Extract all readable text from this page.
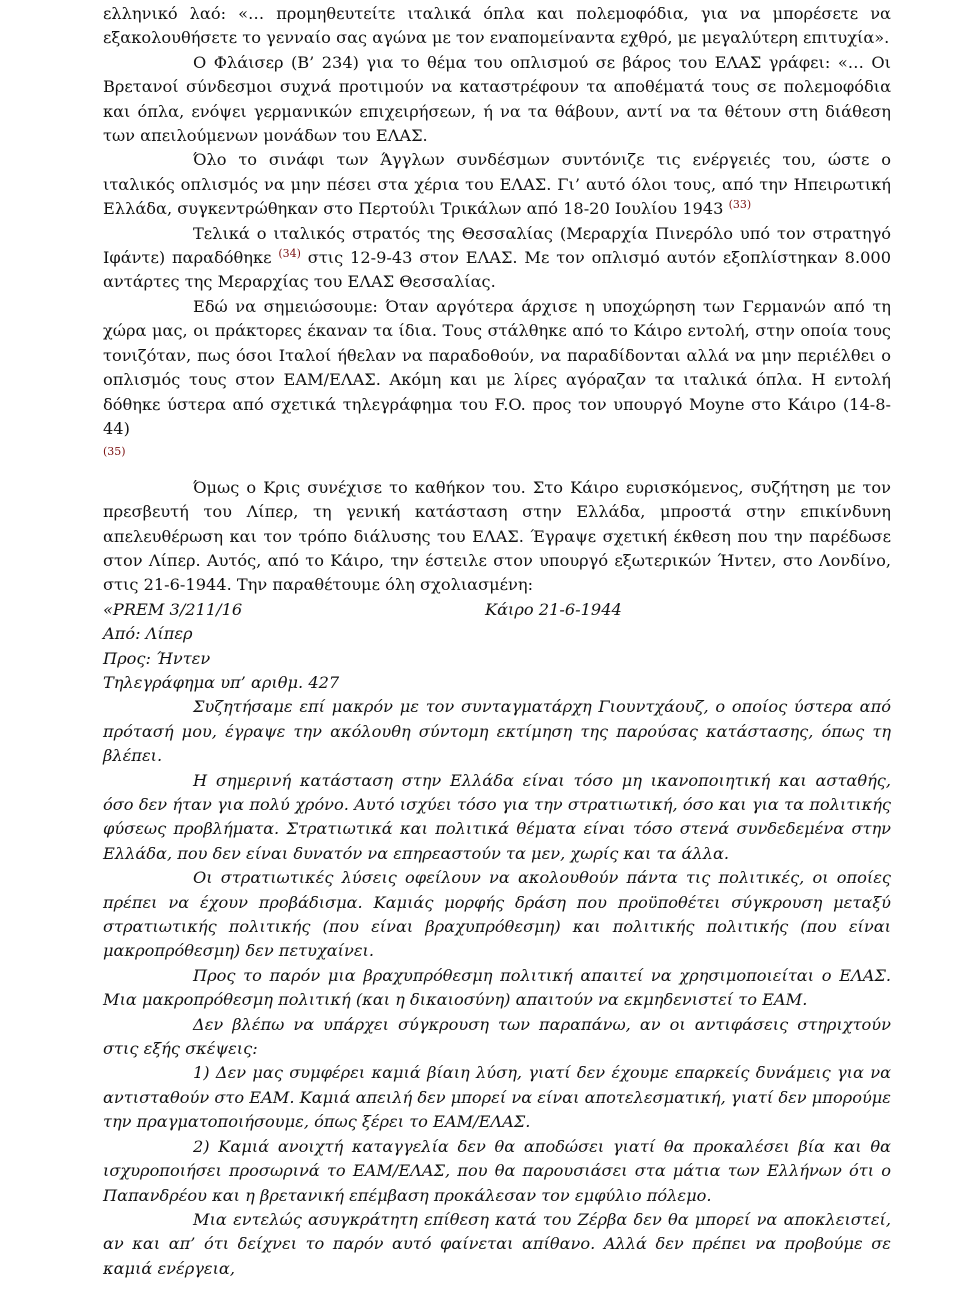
ελληνικό λαό: «… προμηθευτείτε ιταλικά όπλα και πολεμοφόδια, για να μπορέσετε να εξακολουθήσετε το γενναίο σας αγώνα με τον εναπομείναντα εχθρό, με μεγαλύτερη επιτυχία».

Ο Φλάισερ (Β’ 234) για το θέμα του οπλισμού σε βάρος του ΕΛΑΣ γράφει: «… Οι Βρετανοί σύνδεσμοι συχνά προτιμούν να καταστρέφουν τα αποθέματά τους σε πολεμοφόδια και όπλα, ενόψει γερμανικών επιχειρήσεων, ή να τα θάβουν, αντί να τα θέτουν στη διάθεση των απειλούμενων μονάδων του ΕΛΑΣ.

Όλο το σινάφι των Άγγλων συνδέσμων συντόνιζε τις ενέργειές του, ώστε ο ιταλικός οπλισμός να μην πέσει στα χέρια του ΕΛΑΣ. Γι’ αυτό όλοι τους, από την Ηπειρωτική Ελλάδα, συγκεντρώθηκαν στο Περτούλι Τρικάλων από 18-20 Ιουλίου 1943 $^{(33)}$

Τελικά ο ιταλικός στρατός της Θεσσαλίας (Μεραρχία Πινερόλο υπό τον στρατηγό Ιφάντε) παραδόθηκε $^{(34)}$ στις 12-9-43 στον ΕΛΑΣ. Με τον οπλισμό αυτόν εξοπλίστηκαν 8.000 αντάρτες της Μεραρχίας του ΕΛΑΣ Θεσσαλίας.

Εδώ να σημειώσουμε: Όταν αργότερα άρχισε η υποχώρηση των Γερμανών από τη χώρα μας, οι πράκτορες έκαναν τα ίδια. Τους στάλθηκε από το Κάιρο εντολή, στην οποία τους τονιζόταν, πως όσοι Ιταλοί ήθελαν να παραδοθούν, να παραδίδονται αλλά να μην περιέλθει ο οπλισμός τους στον ΕΑΜ/ΕΛΑΣ. Ακόμη και με λίρες αγόραζαν τα ιταλικά όπλα. Η εντολή δόθηκε ύστερα από σχετικά τηλεγράφημα του F.O. προς τον υπουργό Moyne στο Κάιρο (14-8-44)
(35)

Όμως ο Κρις συνέχισε το καθήκον του. Στο Κάιρο ευρισκόμενος, συζήτηση με τον πρεσβευτή του Λίπερ, τη γενική κατάσταση στην Ελλάδα, μπροστά στην επικίνδυνη απελευθέρωση και τον τρόπο διάλυσης του ΕΛΑΣ. Έγραψε σχετική έκθεση που την παρέδωσε στον Λίπερ. Αυτός, από το Κάιρο, την έστειλε στον υπουργό εξωτερικών Ήντεν, στο Λονδίνο, στις 21-6-1944. Την παραθέτουμε όλη σχολιασμένη:

«PREM 3/211/16	Κάιρο 21-6-1944

Από: Λίπερ

Προς: Ήντεν

Τηλεγράφημα υπ’ αριθμ. 427

Συζητήσαμε επί μακρόν με τον συνταγματάρχη Γιουντχάουζ, ο οποίος ύστερα από πρότασή μου, έγραψε την ακόλουθη σύντομη εκτίμηση της παρούσας κατάστασης, όπως τη βλέπει.

Η σημερινή κατάσταση στην Ελλάδα είναι τόσο μη ικανοποιητική και ασταθής, όσο δεν ήταν για πολύ χρόνο. Αυτό ισχύει τόσο για την στρατιωτική, όσο και για τα πολιτικής φύσεως προβλήματα. Στρατιωτικά και πολιτικά θέματα είναι τόσο στενά συνδεδεμένα στην Ελλάδα, που δεν είναι δυνατόν να επηρεαστούν τα μεν, χωρίς και τα άλλα.

Οι στρατιωτικές λύσεις οφείλουν να ακολουθούν πάντα τις πολιτικές, οι οποίες πρέπει να έχουν προβάδισμα. Καμιάς μορφής δράση που προϋποθέτει σύγκρουση μεταξύ στρατιωτικής πολιτικής (που είναι βραχυπρόθεσμη) και πολιτικής πολιτικής (που είναι μακροπρόθεσμη) δεν πετυχαίνει.

Προς το παρόν μια βραχυπρόθεσμη πολιτική απαιτεί να χρησιμοποιείται ο ΕΛΑΣ. Μια μακροπρόθεσμη πολιτική (και η δικαιοσύνη) απαιτούν να εκμηδενιστεί το ΕΑΜ.

Δεν βλέπω να υπάρχει σύγκρουση των παραπάνω, αν οι αντιφάσεις στηριχτούν στις εξής σκέψεις:

1) Δεν μας συμφέρει καμιά βίαιη λύση, γιατί δεν έχουμε επαρκείς δυνάμεις για να αντισταθούν στο ΕΑΜ. Καμιά απειλή δεν μπορεί να είναι αποτελεσματική, γιατί δεν μπορούμε την πραγματοποιήσουμε, όπως ξέρει το ΕΑΜ/ΕΛΑΣ.

2) Καμιά ανοιχτή καταγγελία δεν θα αποδώσει γιατί θα προκαλέσει βία και θα ισχυροποιήσει προσωρινά το ΕΑΜ/ΕΛΑΣ, που θα παρουσιάσει στα μάτια των Ελλήνων ότι ο Παπανδρέου και η βρετανική επέμβαση προκάλεσαν τον εμφύλιο πόλεμο.

Μια εντελώς ασυγκράτητη επίθεση κατά του Ζέρβα δεν θα μπορεί να αποκλειστεί, αν και απ’ ότι δείχνει το παρόν αυτό φαίνεται απίθανο. Αλλά δεν πρέπει να προβούμε σε καμιά ενέργεια,
